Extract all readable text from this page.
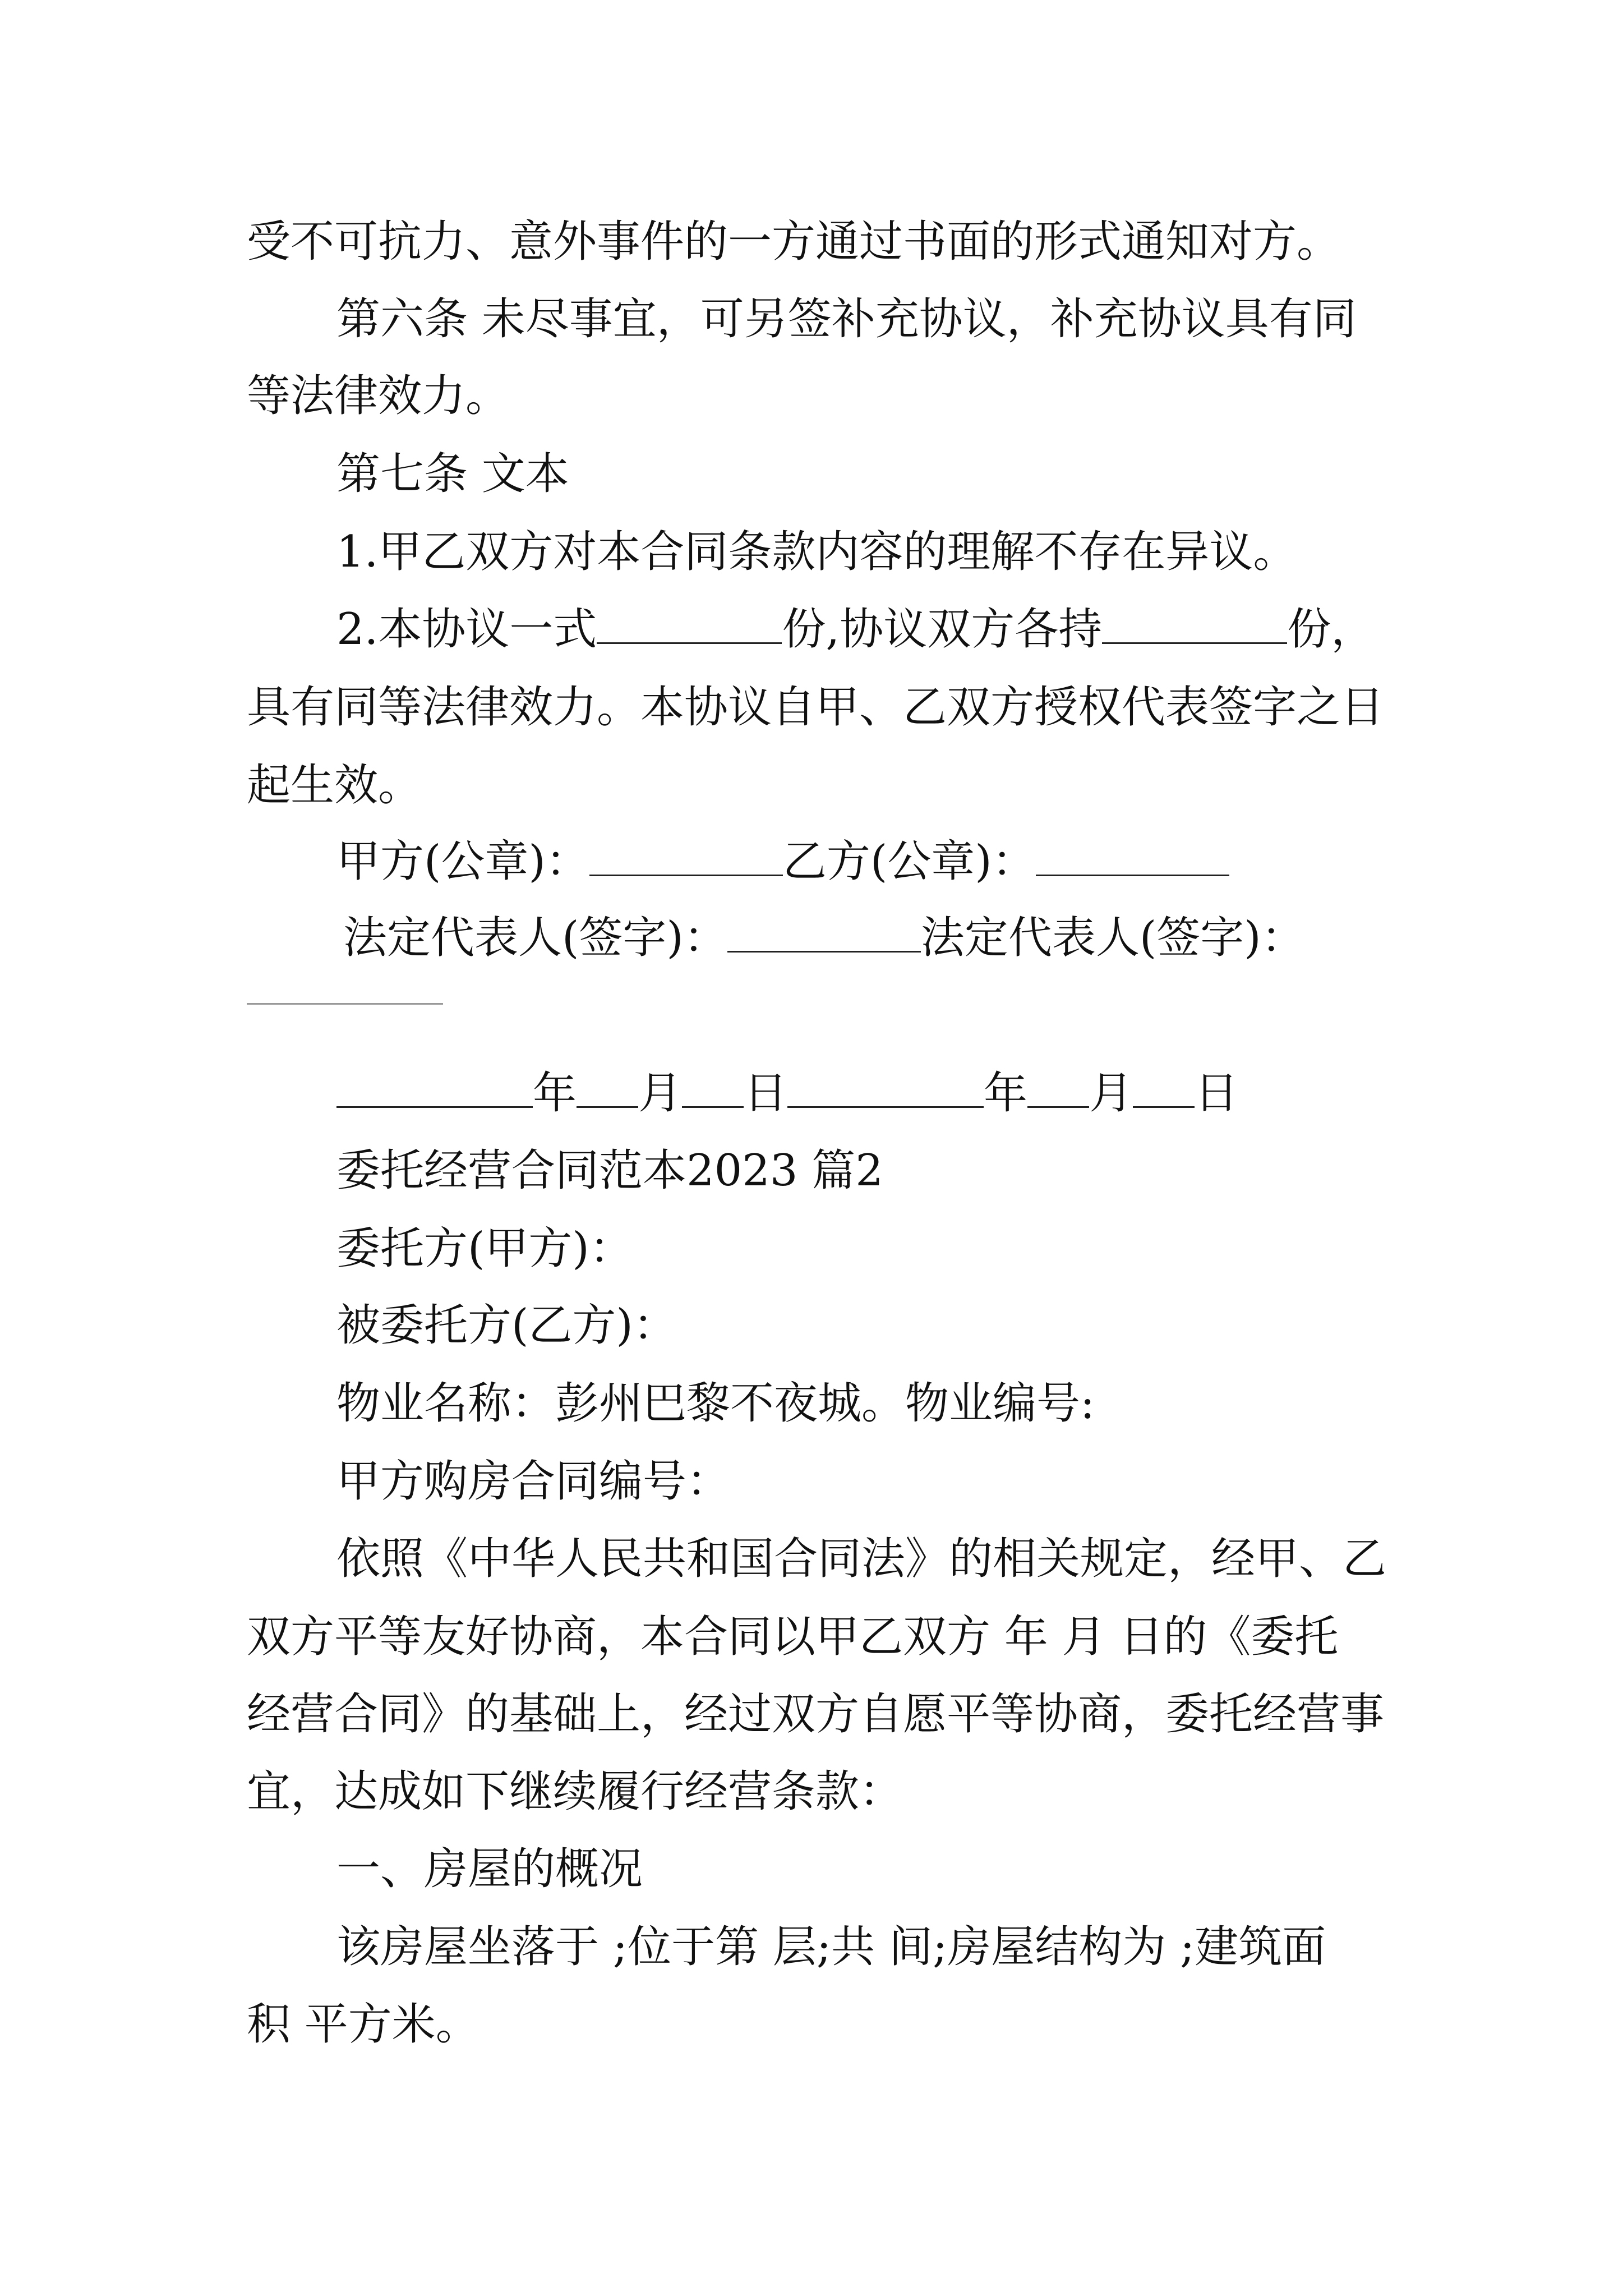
受不可抗力、意外事件的一方通过书面的形式通知对方。
第六条 未尽事宜，可另签补充协议，补充协议具有同
等法律效力。
第七条 文本
1.甲乙双方对本合同条款内容的理解不存在异议。
2.本协议一式	份,协议双方各持	份，
具有同等法律效力。本协议自甲、乙双方授权代表签字之日
起生效。
甲方(公章)：	乙方(公章)：
法定代表人(签字)：	法定代表人(签字)：
年 月 日	年 月 日
委托经营合同范本2023 篇2
委托方(甲方)：
被委托方(乙方)：
物业名称：彭州巴黎不夜城。物业编号:
甲方购房合同编号：
依照《中华人民共和国合同法》的相关规定，经甲、乙
双方平等友好协商，本合同以甲乙双方 年 月 日的《委托
经营合同》的基础上，经过双方自愿平等协商，委托经营事
宜，达成如下继续履行经营条款：
一、房屋的概况
该房屋坐落于 ;位于第 层;共 间;房屋结构为 ;建筑面
积 平方米。
